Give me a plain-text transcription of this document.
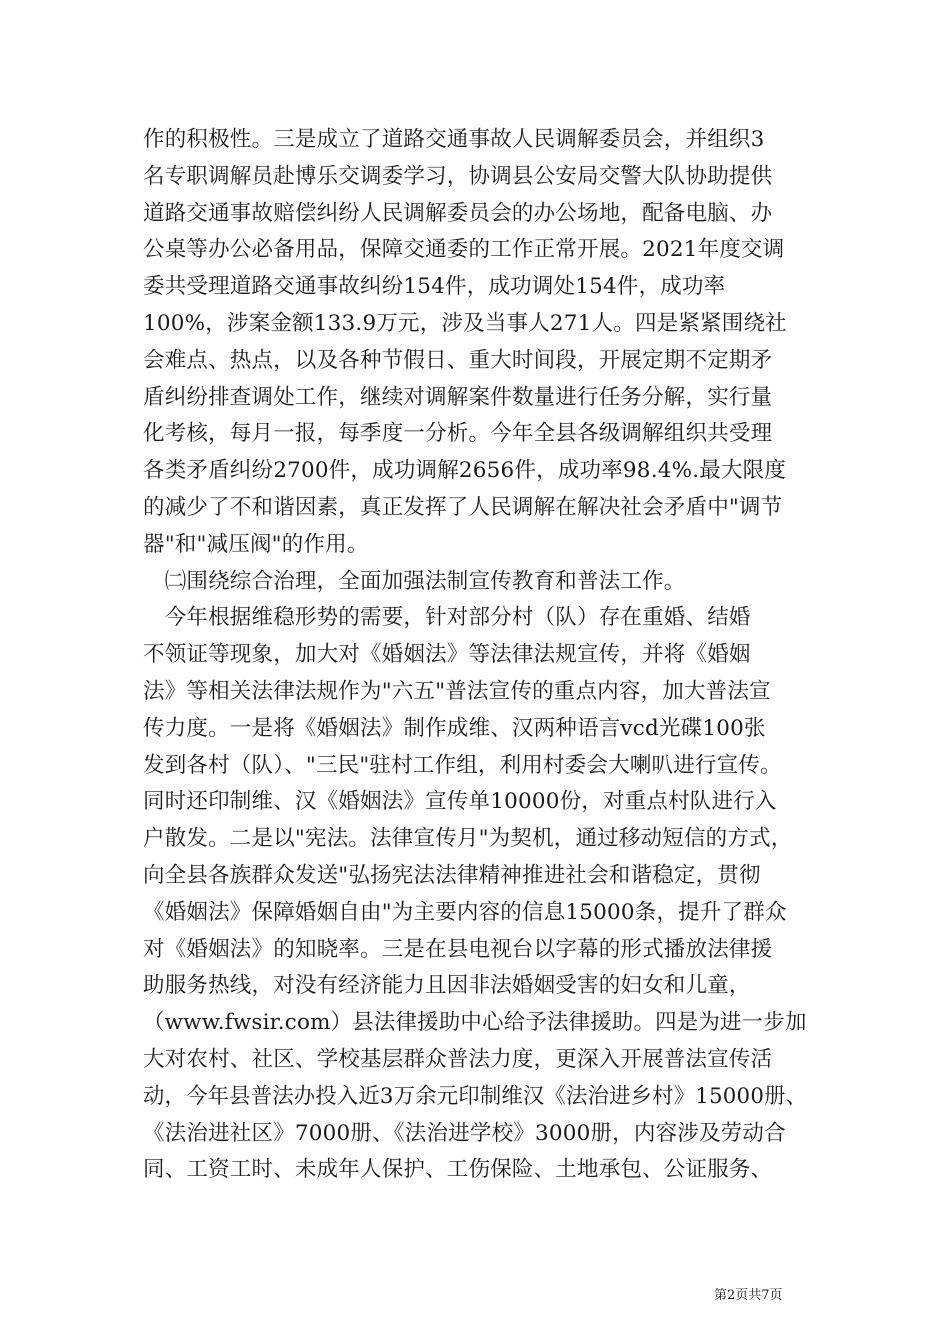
作的积极性。三是成立了道路交通事故人民调解委员会，并组织3
名专职调解员赴博乐交调委学习，协调县公安局交警大队协助提供
道路交通事故赔偿纠纷人民调解委员会的办公场地，配备电脑、办
公桌等办公必备用品，保障交通委的工作正常开展。2021年度交调
委共受理道路交通事故纠纷154件，成功调处154件，成功率
100%，涉案金额133.9万元，涉及当事人271人。四是紧紧围绕社
会难点、热点，以及各种节假日、重大时间段，开展定期不定期矛
盾纠纷排查调处工作，继续对调解案件数量进行任务分解，实行量
化考核，每月一报，每季度一分析。今年全县各级调解组织共受理
各类矛盾纠纷2700件，成功调解2656件，成功率98.4%.最大限度
的减少了不和谐因素，真正发挥了人民调解在解决社会矛盾中"调节
器"和"减压阀"的作用。
　㈡围绕综合治理，全面加强法制宣传教育和普法工作。
　今年根据维稳形势的需要，针对部分村（队）存在重婚、结婚
不领证等现象，加大对《婚姻法》等法律法规宣传，并将《婚姻
法》等相关法律法规作为"六五"普法宣传的重点内容，加大普法宣
传力度。一是将《婚姻法》制作成维、汉两种语言vcd光碟100张
发到各村（队）、"三民"驻村工作组，利用村委会大喇叭进行宣传。
同时还印制维、汉《婚姻法》宣传单10000份，对重点村队进行入
户散发。二是以"宪法。法律宣传月"为契机，通过移动短信的方式，
向全县各族群众发送"弘扬宪法法律精神推进社会和谐稳定，贯彻
《婚姻法》保障婚姻自由"为主要内容的信息15000条，提升了群众
对《婚姻法》的知晓率。三是在县电视台以字幕的形式播放法律援
助服务热线，对没有经济能力且因非法婚姻受害的妇女和儿童，
（www.fwsir.com）县法律援助中心给予法律援助。四是为进一步加
大对农村、社区、学校基层群众普法力度，更深入开展普法宣传活
动，今年县普法办投入近3万余元印制维汉《法治进乡村》15000册、
《法治进社区》7000册、《法治进学校》3000册，内容涉及劳动合
同、工资工时、未成年人保护、工伤保险、土地承包、公证服务、
第2页共7页
